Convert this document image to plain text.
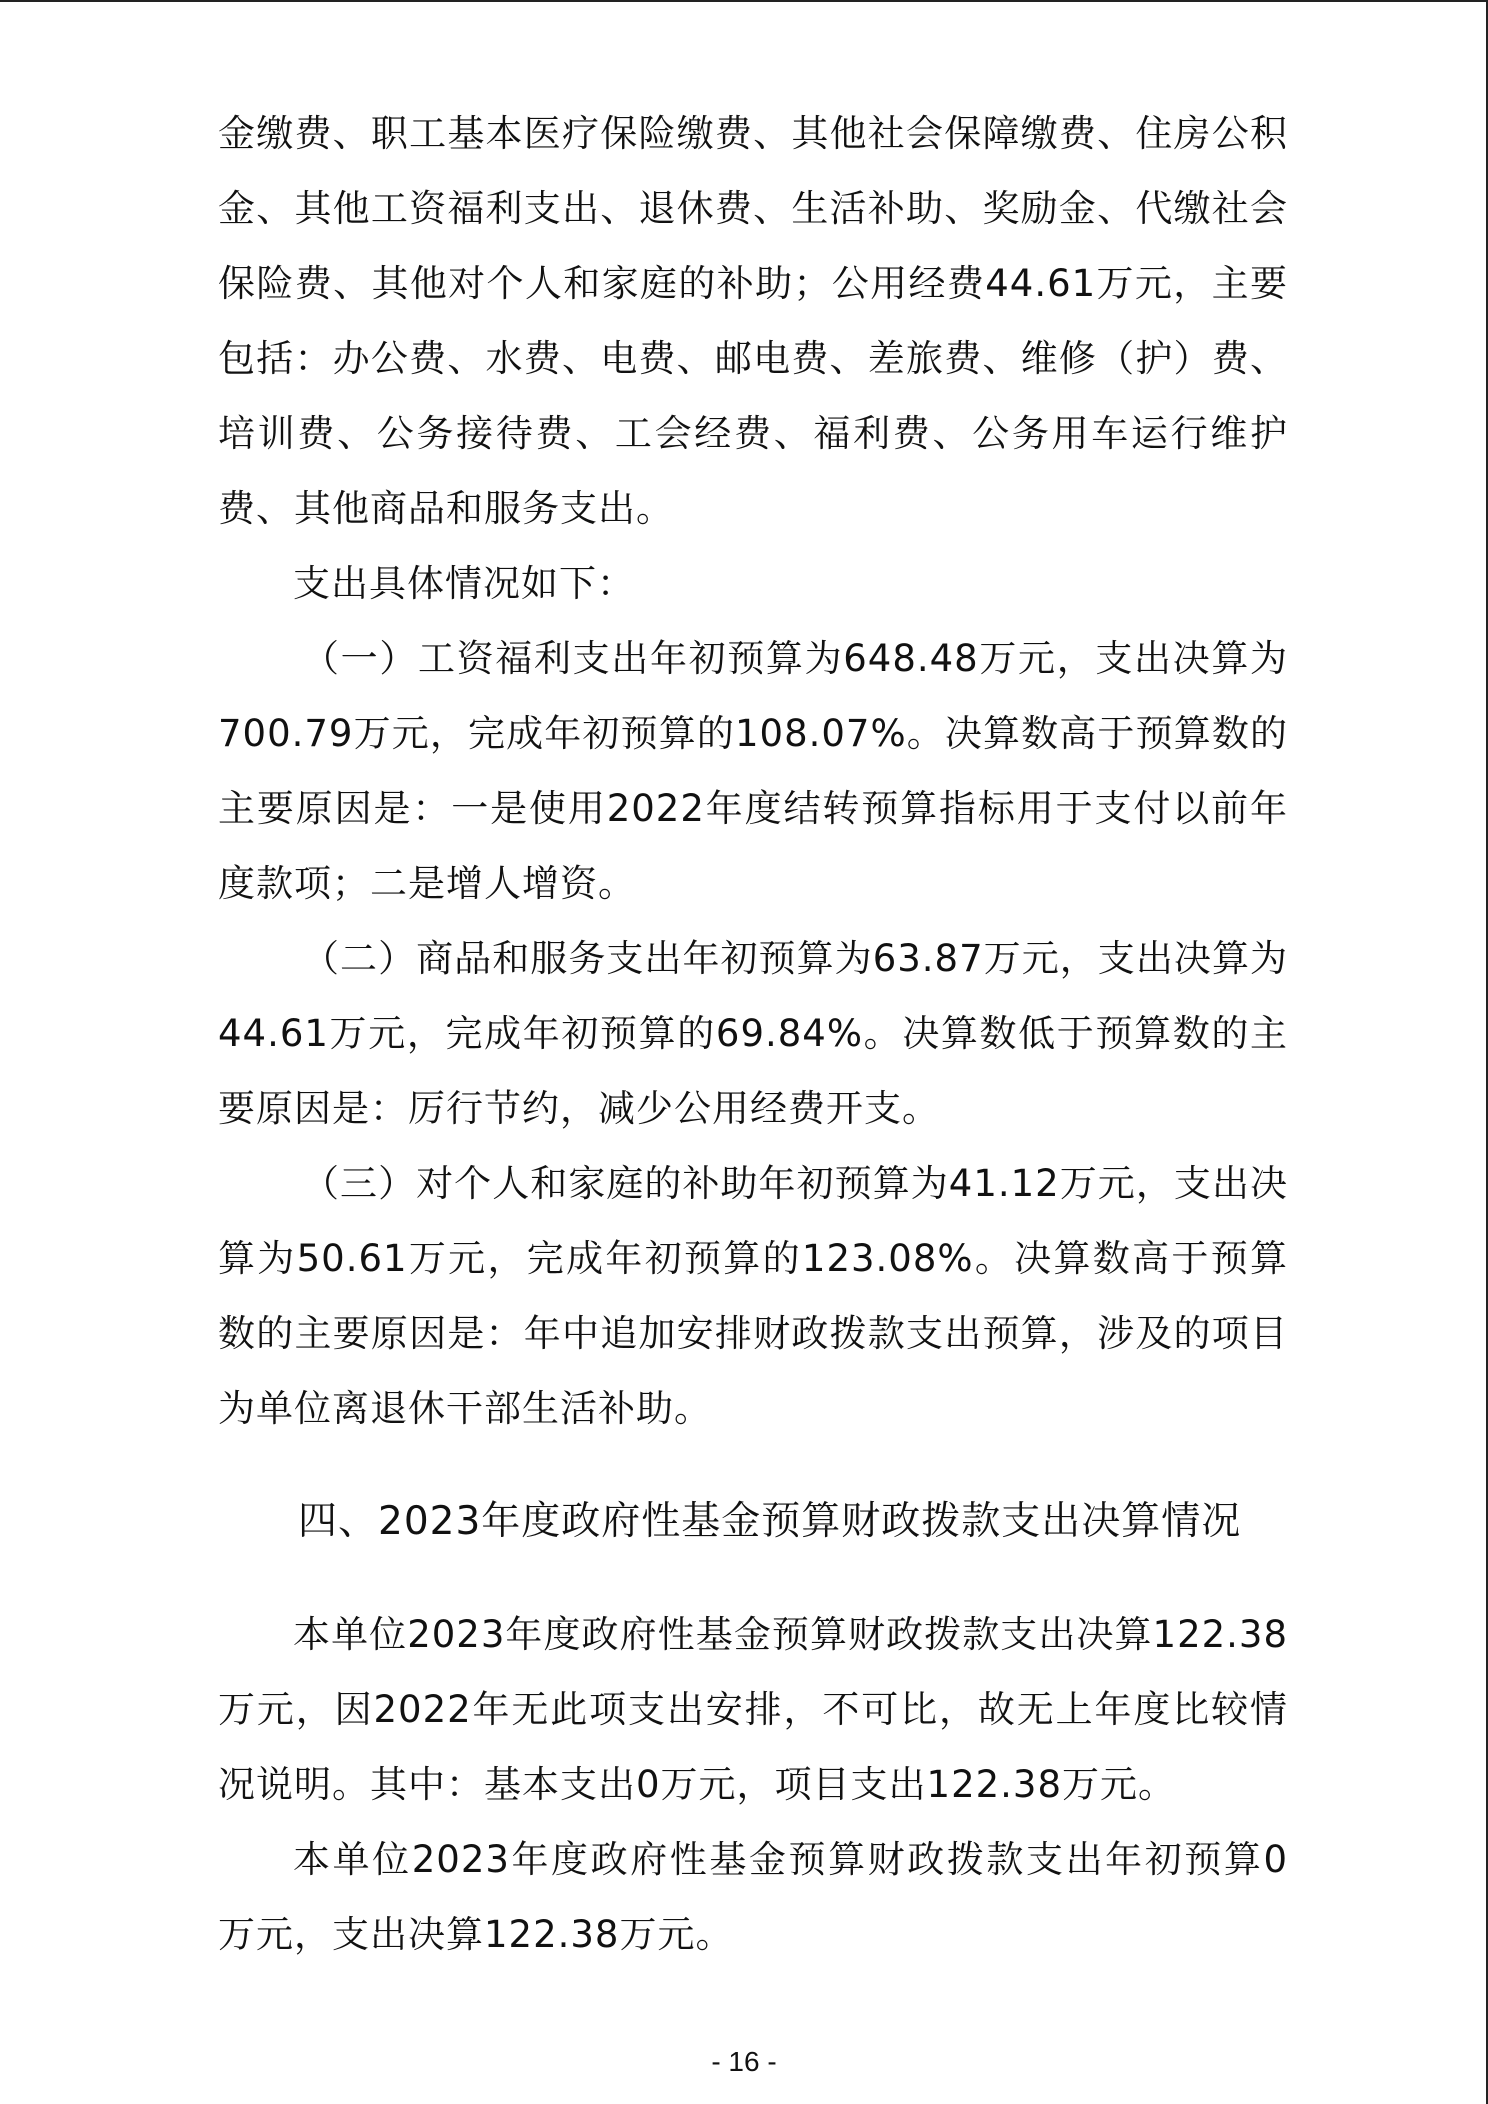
金缴费、职工基本医疗保险缴费、其他社会保障缴费、住房公积金、其他工资福利支出、退休费、生活补助、奖励金、代缴社会保险费、其他对个人和家庭的补助；公用经费44.61万元，主要包括：办公费、水费、电费、邮电费、差旅费、维修（护）费、培训费、公务接待费、工会经费、福利费、公务用车运行维护费、其他商品和服务支出。

支出具体情况如下：

（一）工资福利支出年初预算为648.48万元，支出决算为700.79万元，完成年初预算的108.07%。决算数高于预算数的主要原因是：一是使用2022年度结转预算指标用于支付以前年度款项；二是增人增资。

（二）商品和服务支出年初预算为63.87万元，支出决算为44.61万元，完成年初预算的69.84%。决算数低于预算数的主要原因是：厉行节约，减少公用经费开支。

（三）对个人和家庭的补助年初预算为41.12万元，支出决算为50.61万元，完成年初预算的123.08%。决算数高于预算数的主要原因是：年中追加安排财政拨款支出预算，涉及的项目为单位离退休干部生活补助。

四、2023年度政府性基金预算财政拨款支出决算情况

本单位2023年度政府性基金预算财政拨款支出决算122.38万元，因2022年无此项支出安排，不可比，故无上年度比较情况说明。其中：基本支出0万元，项目支出122.38万元。

本单位2023年度政府性基金预算财政拨款支出年初预算0万元，支出决算122.38万元。

- 16 -
